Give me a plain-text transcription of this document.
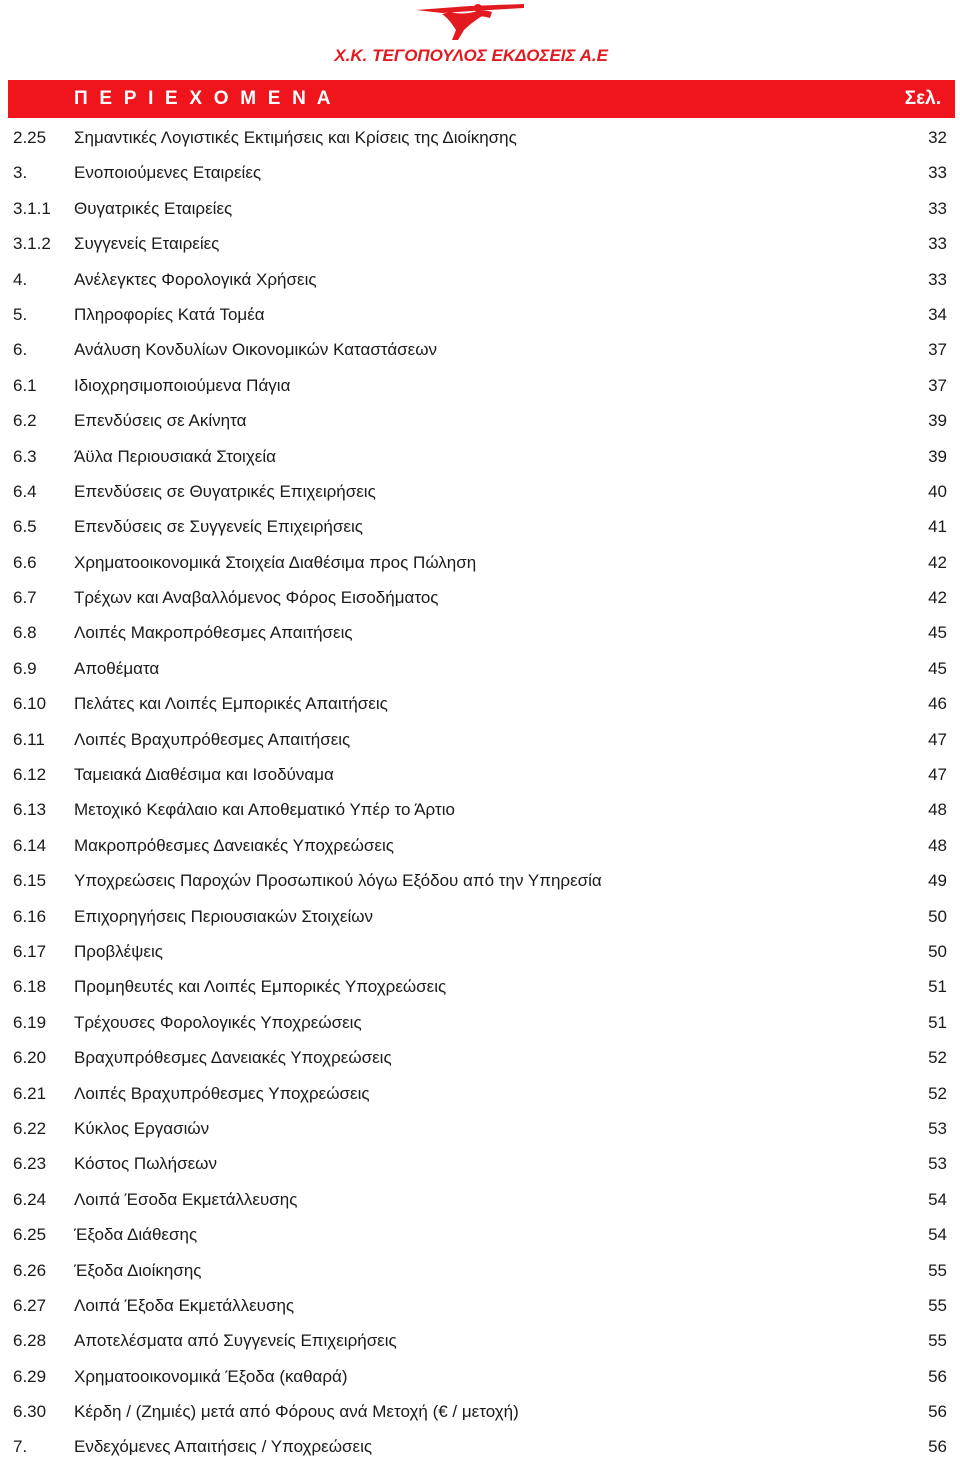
Χ.Κ. ΤΕΓΟΠΟΥΛΟΣ ΕΚΔΟΣΕΙΣ Α.Ε
Π Ε Ρ Ι Ε Χ Ο Μ Ε Ν Α	Σελ.
2.25 Σημαντικές Λογιστικές Εκτιμήσεις και Κρίσεις της Διοίκησης	32
3.	Ενοποιούμενες Εταιρείες	33
3.1.1 Θυγατρικές Εταιρείες	33
3.1.2 Συγγενείς Εταιρείες	33
4.	Ανέλεγκτες Φορολογικά Χρήσεις	33
5.	Πληροφορίες Κατά Τομέα	34
6.	Ανάλυση Κονδυλίων Οικονομικών Καταστάσεων	37
6.1 Ιδιοχρησιμοποιούμενα Πάγια	37
6.2 Επενδύσεις σε Ακίνητα	39
6.3 Άϋλα Περιουσιακά Στοιχεία	39
6.4 Επενδύσεις σε Θυγατρικές Επιχειρήσεις	40
6.5 Επενδύσεις σε Συγγενείς Επιχειρήσεις	41
6.6 Χρηματοοικονομικά Στοιχεία Διαθέσιμα προς Πώληση	42
6.7 Τρέχων και Αναβαλλόμενος Φόρος Εισοδήματος	42
6.8 Λοιπές Μακροπρόθεσμες Απαιτήσεις	45
6.9 Αποθέματα	45
6.10 Πελάτες και Λοιπές Εμπορικές Απαιτήσεις	46
6.11 Λοιπές Βραχυπρόθεσμες Απαιτήσεις	47
6.12 Ταμειακά Διαθέσιμα και Ισοδύναμα	47
6.13 Μετοχικό Κεφάλαιο και Αποθεματικό Υπέρ το Άρτιο	48
6.14 Μακροπρόθεσμες Δανειακές Υποχρεώσεις	48
6.15 Υποχρεώσεις Παροχών Προσωπικού λόγω Εξόδου από την Υπηρεσία	49
6.16 Επιχορηγήσεις Περιουσιακών Στοιχείων	50
6.17 Προβλέψεις	50
6.18 Προμηθευτές και Λοιπές Εμπορικές Υποχρεώσεις	51
6.19 Τρέχουσες Φορολογικές Υποχρεώσεις	51
6.20 Βραχυπρόθεσμες Δανειακές Υποχρεώσεις	52
6.21 Λοιπές Βραχυπρόθεσμες Υποχρεώσεις	52
6.22 Κύκλος Εργασιών	53
6.23 Κόστος Πωλήσεων	53
6.24 Λοιπά Έσοδα Εκμετάλλευσης	54
6.25 Έξοδα Διάθεσης	54
6.26 Έξοδα Διοίκησης	55
6.27 Λοιπά Έξοδα Εκμετάλλευσης	55
6.28 Αποτελέσματα από Συγγενείς Επιχειρήσεις	55
6.29 Χρηματοοικονομικά Έξοδα (καθαρά)	56
6.30 Κέρδη / (Ζημιές) μετά από Φόρους ανά Μετοχή (€ / μετοχή)	56
7.	Ενδεχόμενες Απαιτήσεις / Υποχρεώσεις	56
